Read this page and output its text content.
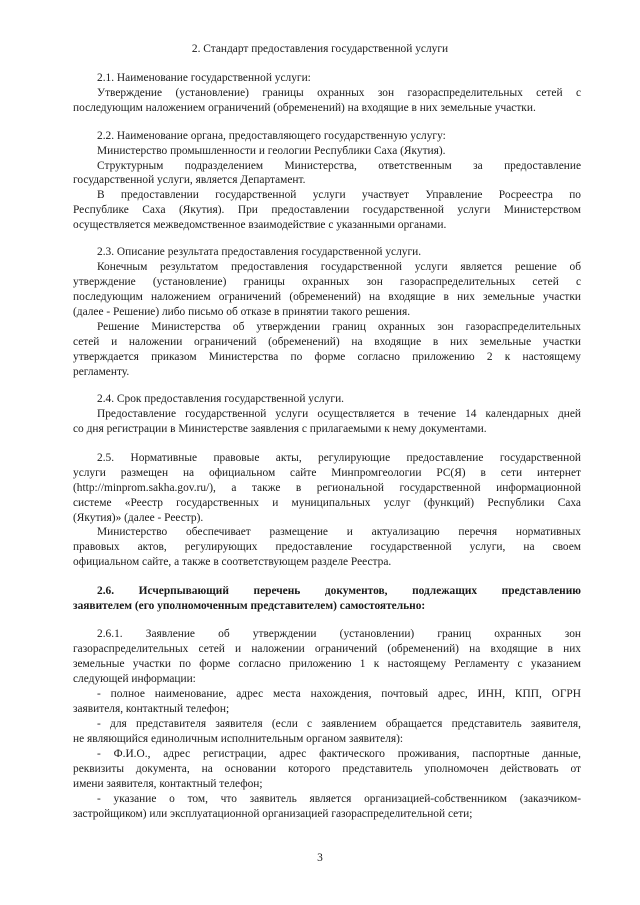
2. Стандарт предоставления государственной услуги
2.1. Наименование государственной услуги:
Утверждение (установление) границы охранных зон газораспределительных сетей с
последующим наложением ограничений (обременений) на входящие в них земельные участки.
2.2. Наименование органа, предоставляющего государственную услугу:
Министерство промышленности и геологии Республики Саха (Якутия).
Структурным подразделением Министерства, ответственным за предоставление
государственной услуги, является Департамент.
В предоставлении государственной услуги участвует Управление Росреестра по
Республике Саха (Якутия). При предоставлении государственной услуги Министерством
осуществляется межведомственное взаимодействие с указанными органами.
2.3. Описание результата предоставления государственной услуги.
Конечным результатом предоставления государственной услуги является решение об
утверждение (установление) границы охранных зон газораспределительных сетей с
последующим наложением ограничений (обременений) на входящие в них земельные участки
(далее - Решение) либо письмо об отказе в принятии такого решения.
Решение Министерства об утверждении границ охранных зон газораспределительных
сетей и наложении ограничений (обременений) на входящие в них земельные участки
утверждается приказом Министерства по форме согласно приложению 2 к настоящему
регламенту.
2.4. Срок предоставления государственной услуги.
Предоставление государственной услуги осуществляется в течение 14 календарных дней
со дня регистрации в Министерстве заявления с прилагаемыми к нему документами.
2.5. Нормативные правовые акты, регулирующие предоставление государственной
услуги размещен на официальном сайте Минпромгеологии РС(Я) в сети интернет
(http://minprom.sakha.gov.ru/), а также в региональной государственной информационной
системе «Реестр государственных и муниципальных услуг (функций) Республики Саха
(Якутия)» (далее - Реестр).
Министерство обеспечивает размещение и актуализацию перечня нормативных
правовых актов, регулирующих предоставление государственной услуги, на своем
официальном сайте, а также в соответствующем разделе Реестра.
2.6. Исчерпывающий перечень документов, подлежащих представлению
заявителем (его уполномоченным представителем) самостоятельно:
2.6.1. Заявление об утверждении (установлении) границ охранных зон
газораспределительных сетей и наложении ограничений (обременений) на входящие в них
земельные участки по форме согласно приложению 1 к настоящему Регламенту с указанием
следующей информации:
- полное наименование, адрес места нахождения, почтовый адрес, ИНН, КПП, ОГРН
заявителя, контактный телефон;
- для представителя заявителя (если с заявлением обращается представитель заявителя,
не являющийся единоличным исполнительным органом заявителя):
- Ф.И.О., адрес регистрации, адрес фактического проживания, паспортные данные,
реквизиты документа, на основании которого представитель уполномочен действовать от
имени заявителя, контактный телефон;
- указание о том, что заявитель является организацией-собственником (заказчиком-
застройщиком) или эксплуатационной организацией газораспределительной сети;
3
